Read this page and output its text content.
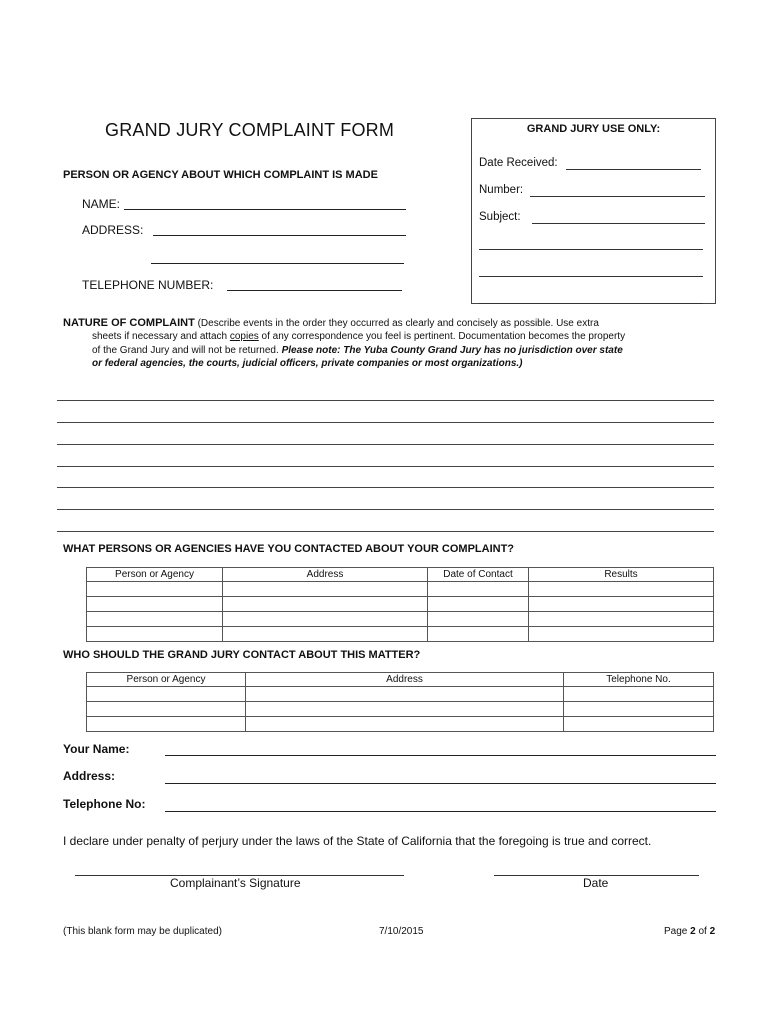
GRAND JURY COMPLAINT FORM	GRAND JURY USE ONLY:
Date Received:
Number:
Subject:
PERSON OR AGENCY ABOUT WHICH COMPLAINT IS MADE
NAME:
ADDRESS:
TELEPHONE NUMBER:
NATURE OF COMPLAINT (Describe events in the order they occurred as clearly and concisely as possible. Use extra
sheets if necessary and attach copies of any correspondence you feel is pertinent. Documentation becomes the property
of the Grand Jury and will not be returned. Please note: The Yuba County Grand Jury has no jurisdiction over state
or federal agencies, the courts, judicial officers, private companies or most organizations.)
WHAT PERSONS OR AGENCIES HAVE YOU CONTACTED ABOUT YOUR COMPLAINT?
Person or Agency	Address	Date of Contact	Results

WHO SHOULD THE GRAND JURY CONTACT ABOUT THIS MATTER?
Person or Agency	Address	Telephone No.

Your Name:
Address:
Telephone No:
I declare under penalty of perjury under the laws of the State of California that the foregoing is true and correct.
Complainant’s Signature	Date
(This blank form may be duplicated)	7/10/2015	Page 2 of 2
